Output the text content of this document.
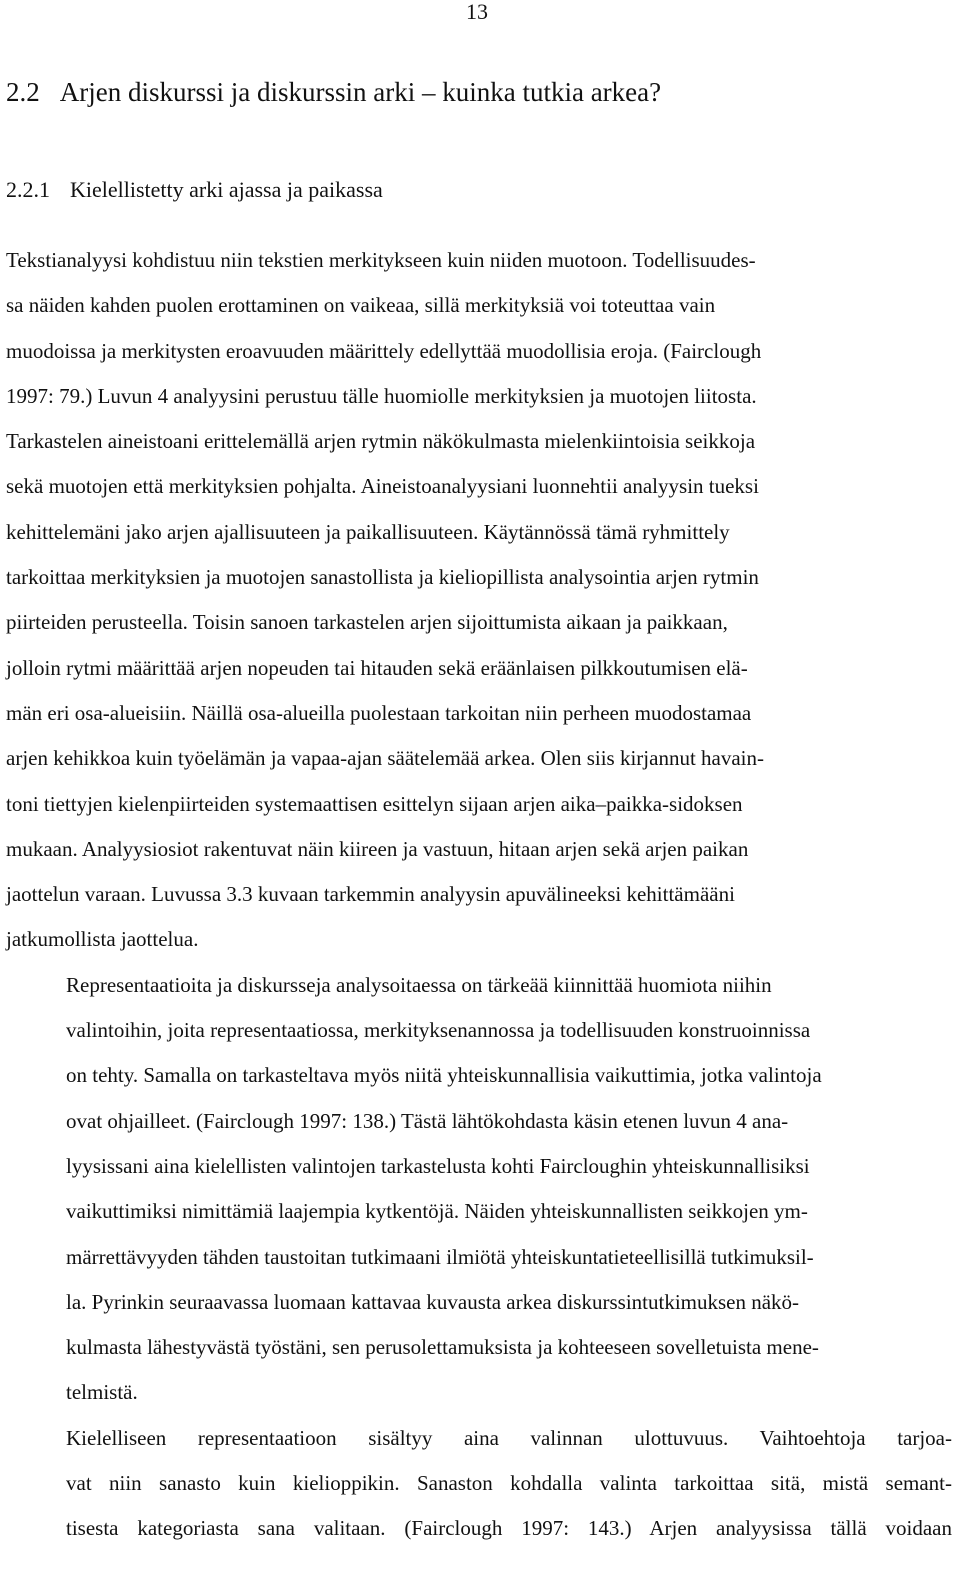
13
2.2 Arjen diskurssi ja diskurssin arki – kuinka tutkia arkea?
2.2.1 Kielellistetty arki ajassa ja paikassa

Tekstianalyysi kohdistuu niin tekstien merkitykseen kuin niiden muotoon. Todellisuudes-
sa näiden kahden puolen erottaminen on vaikeaa, sillä merkityksiä voi toteuttaa vain
muodoissa ja merkitysten eroavuuden määrittely edellyttää muodollisia eroja. (Fairclough
1997: 79.) Luvun 4 analyysini perustuu tälle huomiolle merkityksien ja muotojen liitosta.
Tarkastelen aineistoani erittelemällä arjen rytmin näkökulmasta mielenkiintoisia seikkoja
sekä muotojen että merkityksien pohjalta. Aineistoanalyysiani luonnehtii analyysin tueksi
kehittelemäni jako arjen ajallisuuteen ja paikallisuuteen. Käytännössä tämä ryhmittely
tarkoittaa merkityksien ja muotojen sanastollista ja kieliopillista analysointia arjen rytmin
piirteiden perusteella. Toisin sanoen tarkastelen arjen sijoittumista aikaan ja paikkaan,
jolloin rytmi määrittää arjen nopeuden tai hitauden sekä eräänlaisen pilkkoutumisen elä-
män eri osa-alueisiin. Näillä osa-alueilla puolestaan tarkoitan niin perheen muodostamaa
arjen kehikkoa kuin työelämän ja vapaa-ajan säätelemää arkea. Olen siis kirjannut havain-
toni tiettyjen kielenpiirteiden systemaattisen esittelyn sijaan arjen aika–paikka-sidoksen
mukaan. Analyysiosiot rakentuvat näin kiireen ja vastuun, hitaan arjen sekä arjen paikan
jaottelun varaan. Luvussa 3.3 kuvaan tarkemmin analyysin apuvälineeksi kehittämääni
jatkumollista jaottelua.

Representaatioita ja diskursseja analysoitaessa on tärkeää kiinnittää huomiota niihin
valintoihin, joita representaatiossa, merkityksenannossa ja todellisuuden konstruoinnissa
on tehty. Samalla on tarkasteltava myös niitä yhteiskunnallisia vaikuttimia, jotka valintoja
ovat ohjailleet. (Fairclough 1997: 138.) Tästä lähtökohdasta käsin etenen luvun 4 ana-
lyysissani aina kielellisten valintojen tarkastelusta kohti Faircloughin yhteiskunnallisiksi
vaikuttimiksi nimittämiä laajempia kytkentöjä. Näiden yhteiskunnallisten seikkojen ym-
märrettävyyden tähden taustoitan tutkimaani ilmiötä yhteiskuntatieteellisillä tutkimuksil-
la. Pyrinkin seuraavassa luomaan kattavaa kuvausta arkea diskurssintutkimuksen näkö-
kulmasta lähestyvästä työstäni, sen perusolettamuksista ja kohteeseen sovelletuista mene-
telmistä.

Kielelliseen representaatioon sisältyy aina valinnan ulottuvuus. Vaihtoehtoja tarjoa-
vat niin sanasto kuin kielioppikin. Sanaston kohdalla valinta tarkoittaa sitä, mistä semant-
tisesta kategoriasta sana valitaan. (Fairclough 1997: 143.) Arjen analyysissa tällä voidaan
